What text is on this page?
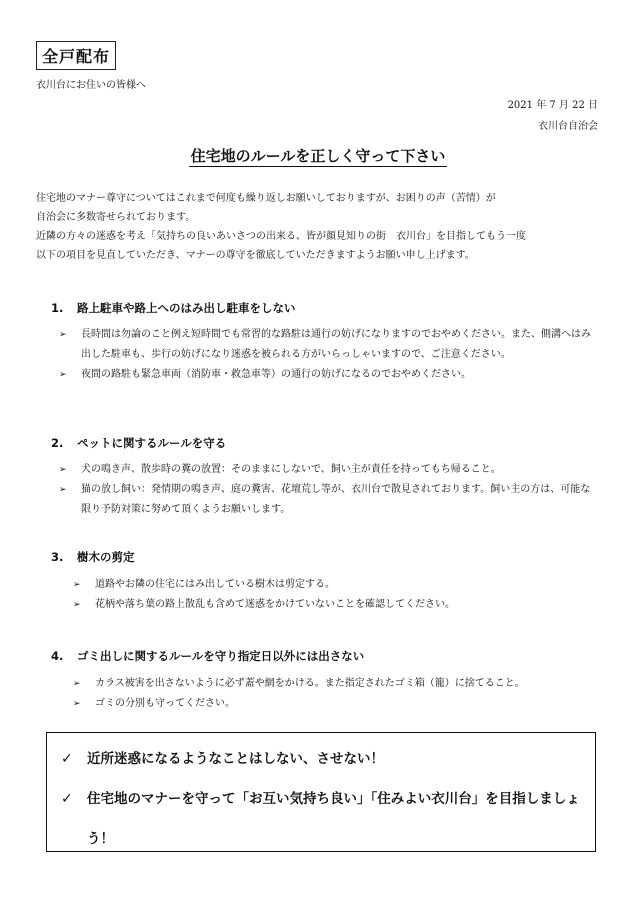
全戸配布
衣川台にお住いの皆様へ
2021 年 7 月 22 日
衣川台自治会
住宅地のルールを正しく守って下さい

住宅地のマナー尊守についてはこれまで何度も繰り返しお願いしておりますが、お困りの声（苦情）が

自治会に多数寄せられております。

近隣の方々の迷惑を考え「気持ちの良いあいさつの出来る、皆が顔見知りの街　衣川台」を目指してもう一度

以下の項目を見直していただき、マナーの尊守を徹底していただきますようお願い申し上げます。

1. 路上駐車や路上へのはみ出し駐車をしない
➢ 長時間は勿論のこと例え短時間でも常習的な路駐は通行の妨げになりますのでおやめください。また、側溝へはみ出した駐車も、歩行の妨げになり迷惑を被られる方がいらっしゃいますので、ご注意ください。
➢ 夜間の路駐も緊急車両（消防車・救急車等）の通行の妨げになるのでおやめください。
2. ペットに関するルールを守る
➢ 犬の鳴き声、散歩時の糞の放置：そのままにしないで、飼い主が責任を持ってもち帰ること。
➢ 猫の放し飼い：発情期の鳴き声、庭の糞害、花壇荒し等が、衣川台で散見されております。飼い主の方は、可能な限り予防対策に努めて頂くようお願いします。
3. 樹木の剪定
➢ 道路やお隣の住宅にはみ出している樹木は剪定する。
➢ 花柄や落ち葉の路上散乱も含めて迷惑をかけていないことを確認してください。
4. ゴミ出しに関するルールを守り指定日以外には出さない
➢ カラス被害を出さないように必ず蓋や網をかける。また指定されたゴミ箱（籠）に捨てること。
➢ ゴミの分別も守ってください。
✓ 近所迷惑になるようなことはしない、させない！
✓ 住宅地のマナーを守って「お互い気持ち良い」「住みよい衣川台」を目指しましょう！
